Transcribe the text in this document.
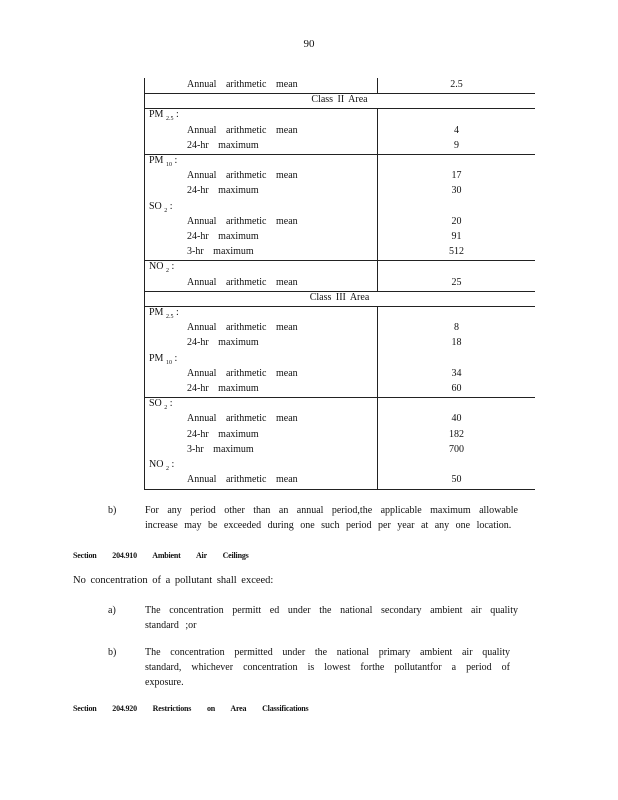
90
Annual arithmetic mean	2.5
Class II Area
PM $_{2.5}$ :
Annual arithmetic mean	4
24-hr maximum	9
PM $_{10}$ :
Annual arithmetic mean	17
24-hr maximum	30
SO $_2$ :
Annual arithmetic mean	20
24-hr maximum	91
3-hr maximum	512
NO $_2$ :
Annual arithmetic mean	25
Class III Area
PM $_{2.5}$ :
Annual arithmetic mean	8
24-hr maximum	18
PM $_{10}$ :
Annual arithmetic mean	34
24-hr maximum	60
SO $_2$ :
Annual arithmetic mean	40
24-hr maximum	182
3-hr maximum	700
NO $_2$ :
Annual arithmetic mean	50
b)	For any period other than an annual period,the applicable maximum allowable increase may be exceeded during one such period per year at any one location.
Section 204.910 Ambient Air Ceilings
No concentration of a pollutant shall exceed:
a)	The concentration permitt ed under the national secondary ambient air quality standard ;or
b)	The concentration permitted under the national primary ambient air quality standard, whichever concentration is lowest forthe pollutantfor a period of exposure.
Section 204.920 Restrictions on Area Classifications
